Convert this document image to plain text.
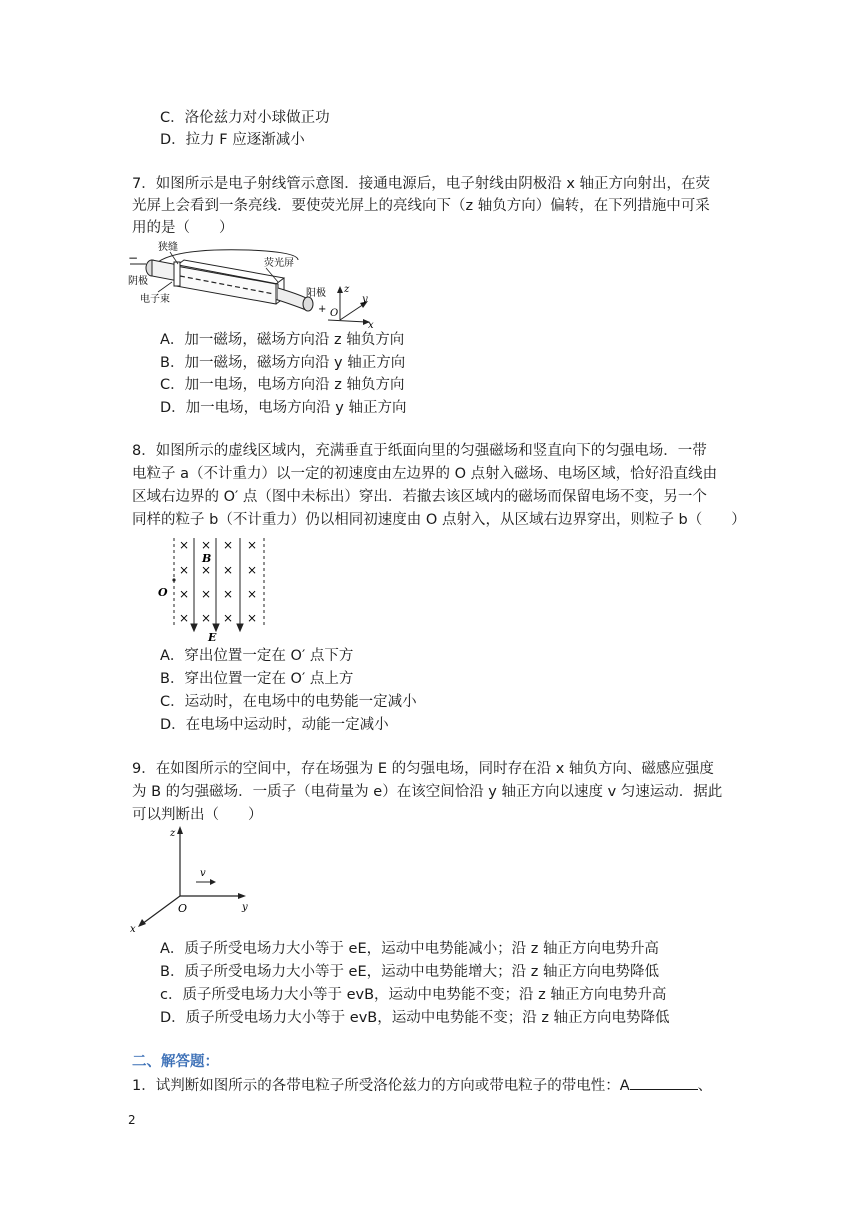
C．洛伦兹力对小球做正功
D．拉力 F 应逐渐减小
7．如图所示是电子射线管示意图．接通电源后，电子射线由阴极沿 x 轴正方向射出，在荧
光屏上会看到一条亮线．要使荧光屏上的亮线向下（z 轴负方向）偏转，在下列措施中可采
用的是（　　）
狭缝
−
阴极
电子束
荧光屏
阳极
+ O
z
y
x
A．加一磁场，磁场方向沿 z 轴负方向
B．加一磁场，磁场方向沿 y 轴正方向
C．加一电场，电场方向沿 z 轴负方向
D．加一电场，电场方向沿 y 轴正方向
8．如图所示的虚线区域内，充满垂直于纸面向里的匀强磁场和竖直向下的匀强电场．一带
电粒子 a（不计重力）以一定的初速度由左边界的 O 点射入磁场、电场区域，恰好沿直线由
区域右边界的 O′ 点（图中未标出）穿出．若撤去该区域内的磁场而保留电场不变，另一个
同样的粒子 b（不计重力）仍以相同初速度由 O 点射入，从区域右边界穿出，则粒子 b（　　）
× × × ×
× × × ×
× × × ×
× × × ×
B
O
E
A．穿出位置一定在 O′ 点下方
B．穿出位置一定在 O′ 点上方
C．运动时，在电场中的电势能一定减小
D．在电场中运动时，动能一定减小
9．在如图所示的空间中，存在场强为 E 的匀强电场，同时存在沿 x 轴负方向、磁感应强度
为 B 的匀强磁场．一质子（电荷量为 e）在该空间恰沿 y 轴正方向以速度 v 匀速运动．据此
可以判断出（　　）
z
y
x
O
v
A．质子所受电场力大小等于 eE，运动中电势能减小；沿 z 轴正方向电势升高
B．质子所受电场力大小等于 eE，运动中电势能增大；沿 z 轴正方向电势降低
c．质子所受电场力大小等于 evB，运动中电势能不变；沿 z 轴正方向电势升高
D．质子所受电场力大小等于 evB，运动中电势能不变；沿 z 轴正方向电势降低
二、解答题：
1．试判断如图所示的各带电粒子所受洛伦兹力的方向或带电粒子的带电性：A	、
2
